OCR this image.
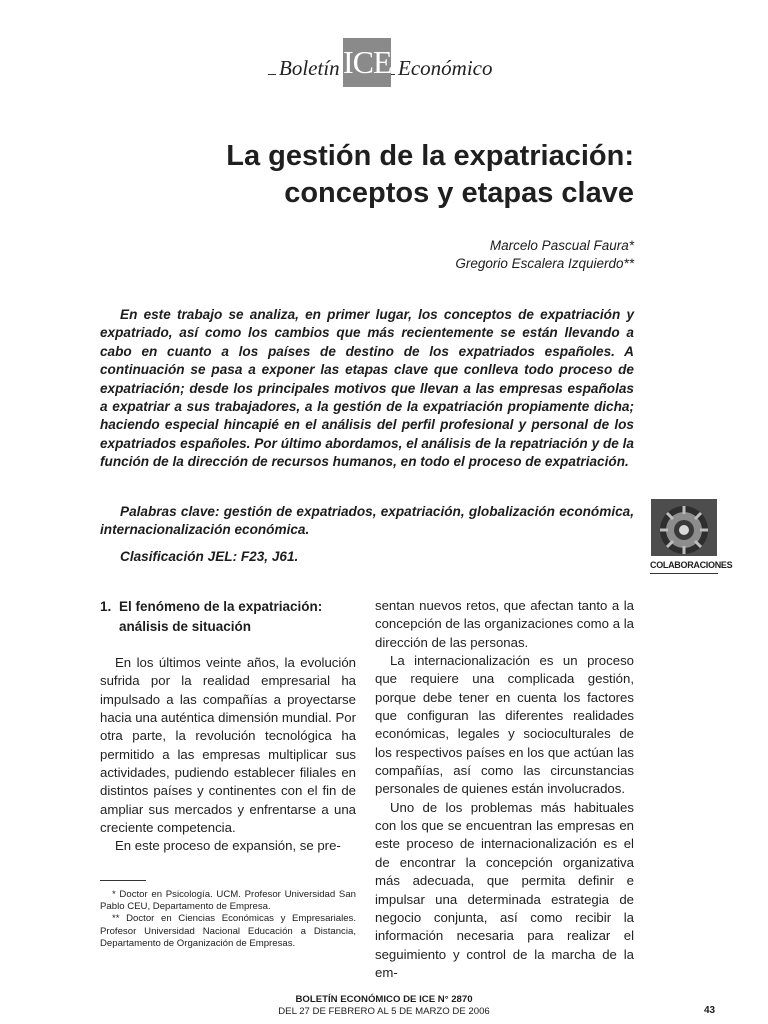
Boletín ICE Económico
La gestión de la expatriación:
conceptos y etapas clave
Marcelo Pascual Faura*
Gregorio Escalera Izquierdo**

En este trabajo se analiza, en primer lugar, los conceptos de expatriación y expatriado, así como los cambios que más recientemente se están llevando a cabo en cuanto a los países de destino de los expatriados españoles. A continuación se pasa a exponer las etapas clave que conlleva todo proceso de expatriación; desde los principales motivos que llevan a las empresas españolas a expatriar a sus trabajadores, a la gestión de la expatriación propiamente dicha; haciendo especial hincapié en el análisis del perfil profesional y personal de los expatriados españoles. Por último abordamos, el análisis de la repatriación y de la función de la dirección de recursos humanos, en todo el proceso de expatriación.

Palabras clave: gestión de expatriados, expatriación, globalización económica, internacionalización económica.

Clasificación JEL: F23, J61.
COLABORACIONES
1. El fenómeno de la expatriación:
análisis de situación

En los últimos veinte años, la evolución sufrida por la realidad empresarial ha impulsado a las compañías a proyectarse hacia una auténtica dimensión mundial. Por otra parte, la revolución tecnológica ha permitido a las empresas multiplicar sus actividades, pudiendo establecer filiales en distintos países y continentes con el fin de ampliar sus mercados y enfrentarse a una creciente competencia.

En este proceso de expansión, se pre-

sentan nuevos retos, que afectan tanto a la concepción de las organizaciones como a la dirección de las personas.

La internacionalización es un proceso que requiere una complicada gestión, porque debe tener en cuenta los factores que configuran las diferentes realidades económicas, legales y socioculturales de los respectivos países en los que actúan las compañías, así como las circunstancias personales de quienes están involucrados.

Uno de los problemas más habituales con los que se encuentran las empresas en este proceso de internacionalización es el de encontrar la concepción organizativa más adecuada, que permita definir e impulsar una determinada estrategia de negocio conjunta, así como recibir la información necesaria para realizar el seguimiento y control de la marcha de la em-

* Doctor en Psicología. UCM. Profesor Universidad San Pablo CEU, Departamento de Empresa.

** Doctor en Ciencias Económicas y Empresariales. Profesor Universidad Nacional Educación a Distancia, Departamento de Organización de Empresas.

BOLETÍN ECONÓMICO DE ICE N° 2870
DEL 27 DE FEBRERO AL 5 DE MARZO DE 2006	43
